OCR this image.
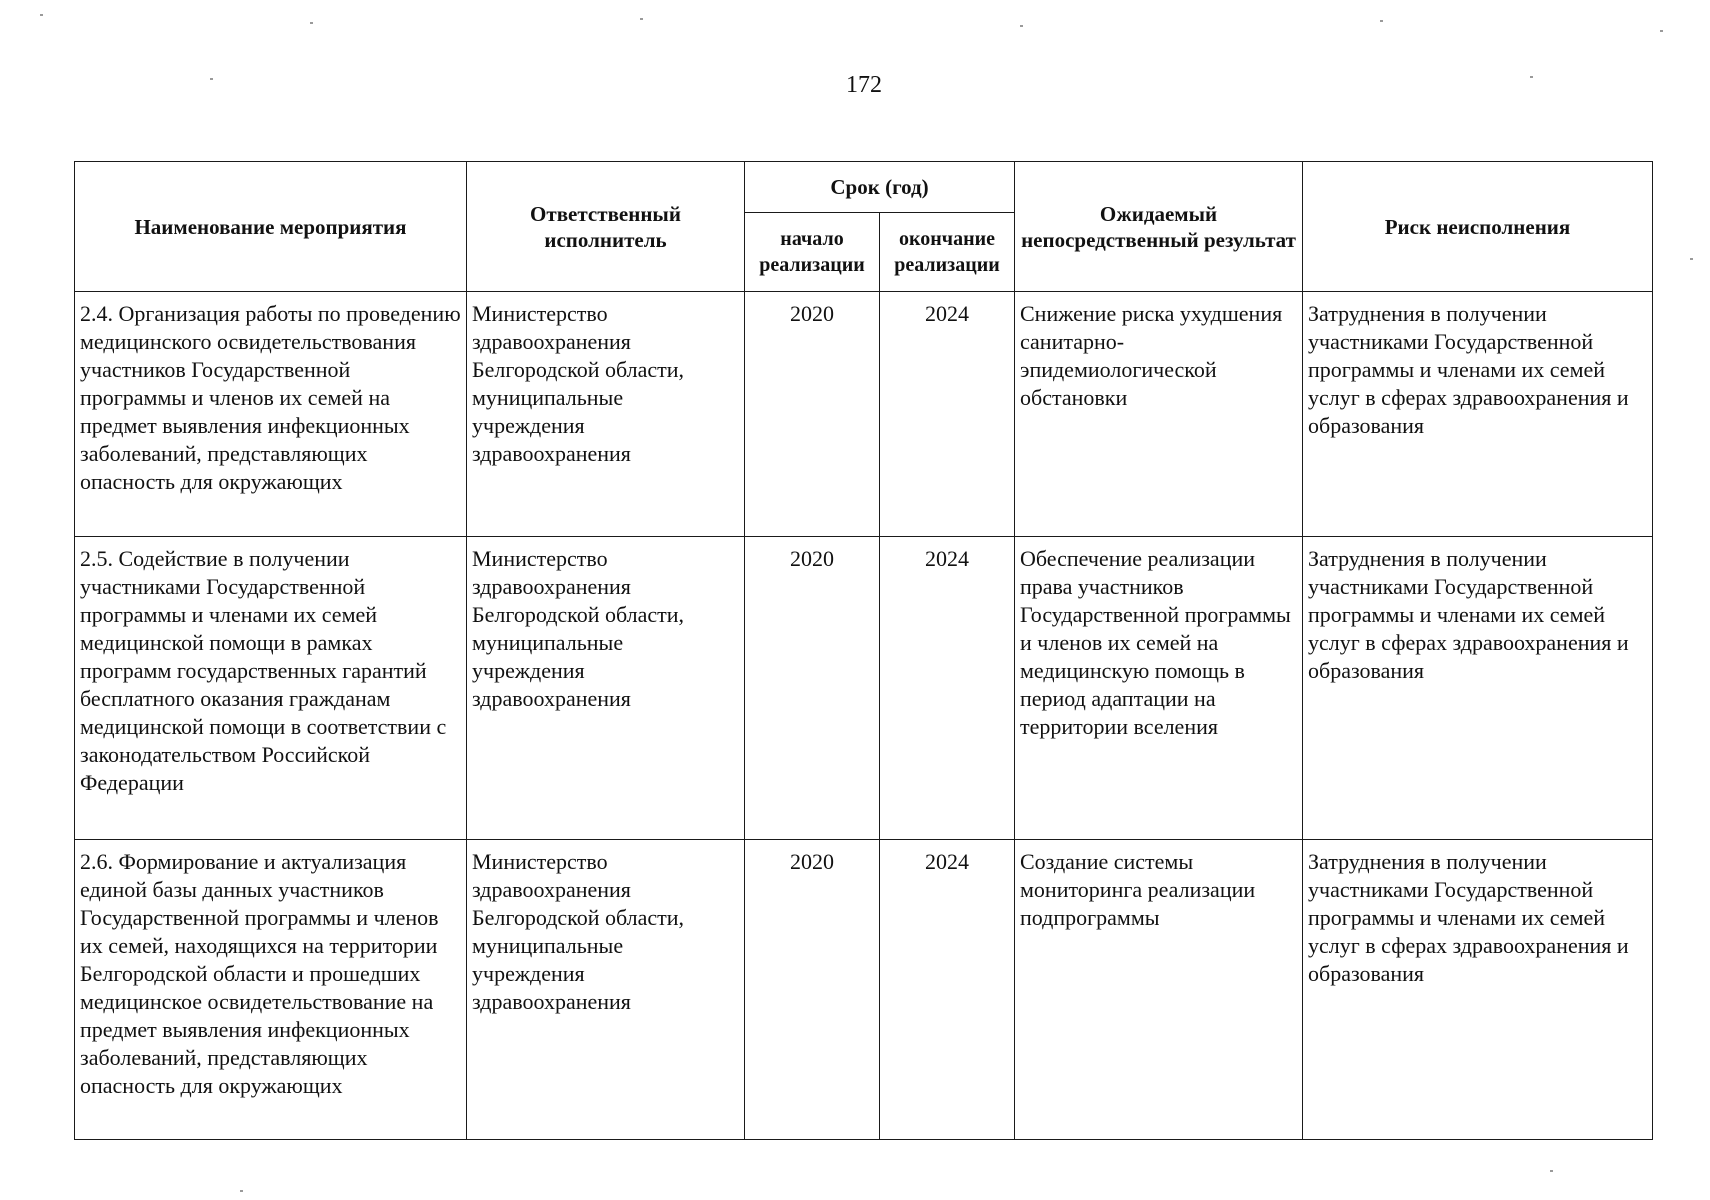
172
Наименование мероприятия	Ответственный исполнитель	Срок (год)		Ожидаемый непосредственный результат	Риск неисполнения
		начало реализации	окончание реализации		
2.4. Организация работы по проведению медицинского освидетельствования участников Государственной программы и членов их семей на предмет выявления инфекционных заболеваний, представляющих опасность для окружающих	Министерство здравоохранения Белгородской области, муниципальные учреждения здравоохранения	2020	2024	Снижение риска ухудшения санитарно-эпидемиологической обстановки	Затруднения в получении участниками Государственной программы и членами их семей услуг в сферах здравоохранения и образования
2.5. Содействие в получении участниками Государственной программы и членами их семей медицинской помощи в рамках программ государственных гарантий бесплатного оказания гражданам медицинской помощи в соответствии с законодательством Российской Федерации	Министерство здравоохранения Белгородской области, муниципальные учреждения здравоохранения	2020	2024	Обеспечение реализации права участников Государственной программы и членов их семей на медицинскую помощь в период адаптации на территории вселения	Затруднения в получении участниками Государственной программы и членами их семей услуг в сферах здравоохранения и образования
2.6. Формирование и актуализация единой базы данных участников Государственной программы и членов их семей, находящихся на территории Белгородской области и прошедших медицинское освидетельствование на предмет выявления инфекционных заболеваний, представляющих опасность для окружающих	Министерство здравоохранения Белгородской области, муниципальные учреждения здравоохранения	2020	2024	Создание системы мониторинга реализации подпрограммы	Затруднения в получении участниками Государственной программы и членами их семей услуг в сферах здравоохранения и образования
